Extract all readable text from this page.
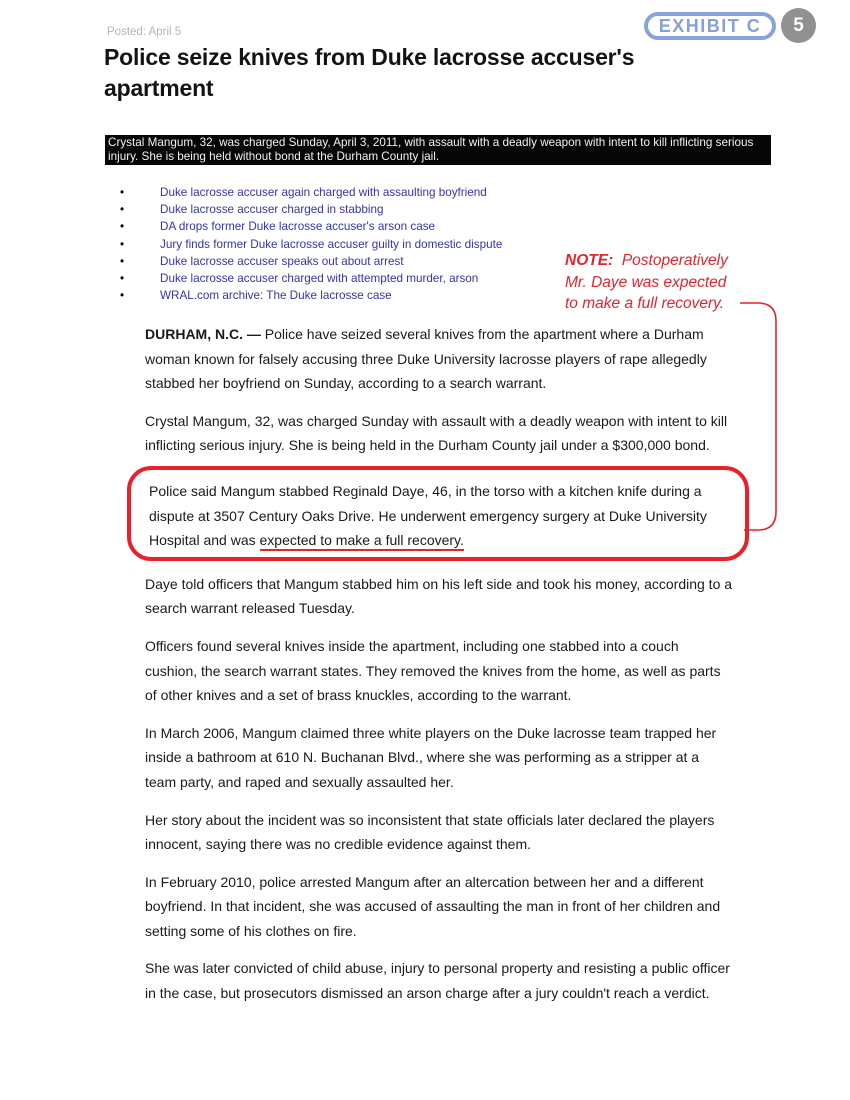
EXHIBIT C 5
Posted: April 5
Police seize knives from Duke lacrosse accuser's apartment
Crystal Mangum, 32, was charged Sunday, April 3, 2011, with assault with a deadly weapon with intent to kill inflicting serious injury. She is being held without bond at the Durham County jail.
• Duke lacrosse accuser again charged with assaulting boyfriend
• Duke lacrosse accuser charged in stabbing
• DA drops former Duke lacrosse accuser's arson case
• Jury finds former Duke lacrosse accuser guilty in domestic dispute
• Duke lacrosse accuser speaks out about arrest
• Duke lacrosse accuser charged with attempted murder, arson
• WRAL.com archive: The Duke lacrosse case
NOTE: Postoperatively
Mr. Daye was expected
to make a full recovery.

DURHAM, N.C. — Police have seized several knives from the apartment where a Durham woman known for falsely accusing three Duke University lacrosse players of rape allegedly stabbed her boyfriend on Sunday, according to a search warrant.

Crystal Mangum, 32, was charged Sunday with assault with a deadly weapon with intent to kill inflicting serious injury. She is being held in the Durham County jail under a $300,000 bond.

Police said Mangum stabbed Reginald Daye, 46, in the torso with a kitchen knife during a dispute at 3507 Century Oaks Drive. He underwent emergency surgery at Duke University Hospital and was expected to make a full recovery.

Daye told officers that Mangum stabbed him on his left side and took his money, according to a search warrant released Tuesday.

Officers found several knives inside the apartment, including one stabbed into a couch cushion, the search warrant states. They removed the knives from the home, as well as parts of other knives and a set of brass knuckles, according to the warrant.

In March 2006, Mangum claimed three white players on the Duke lacrosse team trapped her inside a bathroom at 610 N. Buchanan Blvd., where she was performing as a stripper at a team party, and raped and sexually assaulted her.

Her story about the incident was so inconsistent that state officials later declared the players innocent, saying there was no credible evidence against them.

In February 2010, police arrested Mangum after an altercation between her and a different boyfriend. In that incident, she was accused of assaulting the man in front of her children and setting some of his clothes on fire.

She was later convicted of child abuse, injury to personal property and resisting a public officer in the case, but prosecutors dismissed an arson charge after a jury couldn't reach a verdict.
